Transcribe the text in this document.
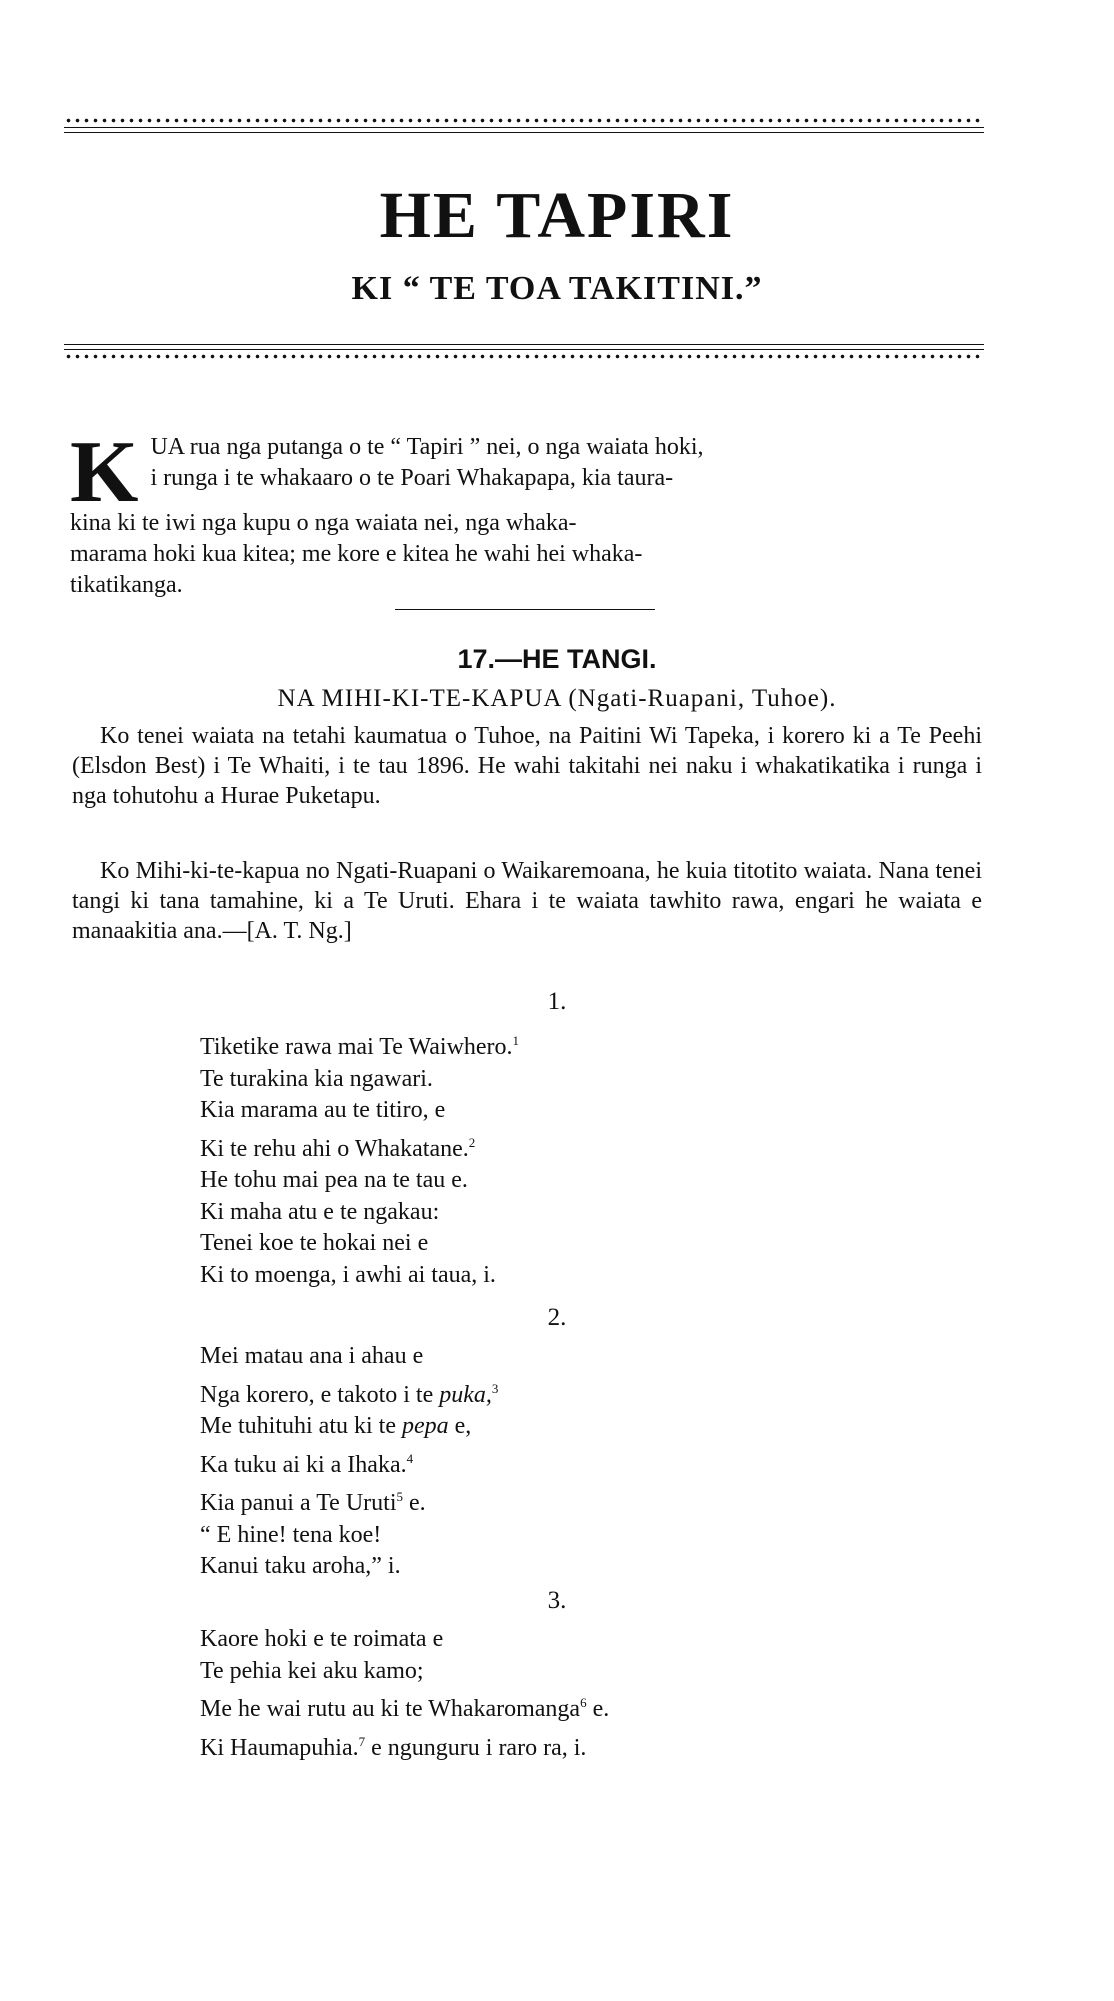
HE TAPIRI
KI “ TE TOA TAKITINI.”
K UA rua nga putanga o te “ Tapiri ” nei, o nga waiata hoki,
i runga i te whakaaro o te Poari Whakapapa, kia taura-
kina ki te iwi nga kupu o nga waiata nei, nga whaka-
marama hoki kua kitea; me kore e kitea he wahi hei whaka-
tikatikanga.
17.—HE TANGI.
NA MIHI-KI-TE-KAPUA (Ngati-Ruapani, Tuhoe).
Ko tenei waiata na tetahi kaumatua o Tuhoe, na Paitini Wi Tapeka, i korero ki a Te Peehi (Elsdon Best) i Te Whaiti, i te tau 1896. He wahi takitahi nei naku i whakatikatika i runga i nga tohutohu a Hurae Puketapu.
Ko Mihi-ki-te-kapua no Ngati-Ruapani o Waikaremoana, he kuia titotito waiata. Nana tenei tangi ki tana tamahine, ki a Te Uruti. Ehara i te waiata tawhito rawa, engari he waiata e manaakitia ana.—[A. T. Ng.]
1.
Tiketike rawa mai Te Waiwhero.$^1$
Te turakina kia ngawari.
Kia marama au te titiro, e
Ki te rehu ahi o Whakatane.$^2$
He tohu mai pea na te tau e.
Ki maha atu e te ngakau:
Tenei koe te hokai nei e
Ki to moenga, i awhi ai taua, i.
2.
Mei matau ana i ahau e
Nga korero, e takoto i te puka,$^3$
Me tuhituhi atu ki te pepa e,
Ka tuku ai ki a Ihaka.$^4$
Kia panui a Te Uruti$^5$ e.
“ E hine! tena koe!
Kanui taku aroha,” i.
3.
Kaore hoki e te roimata e
Te pehia kei aku kamo;
Me he wai rutu au ki te Whakaromanga$^6$ e.
Ki Haumapuhia.$^7$ e ngunguru i raro ra, i.
